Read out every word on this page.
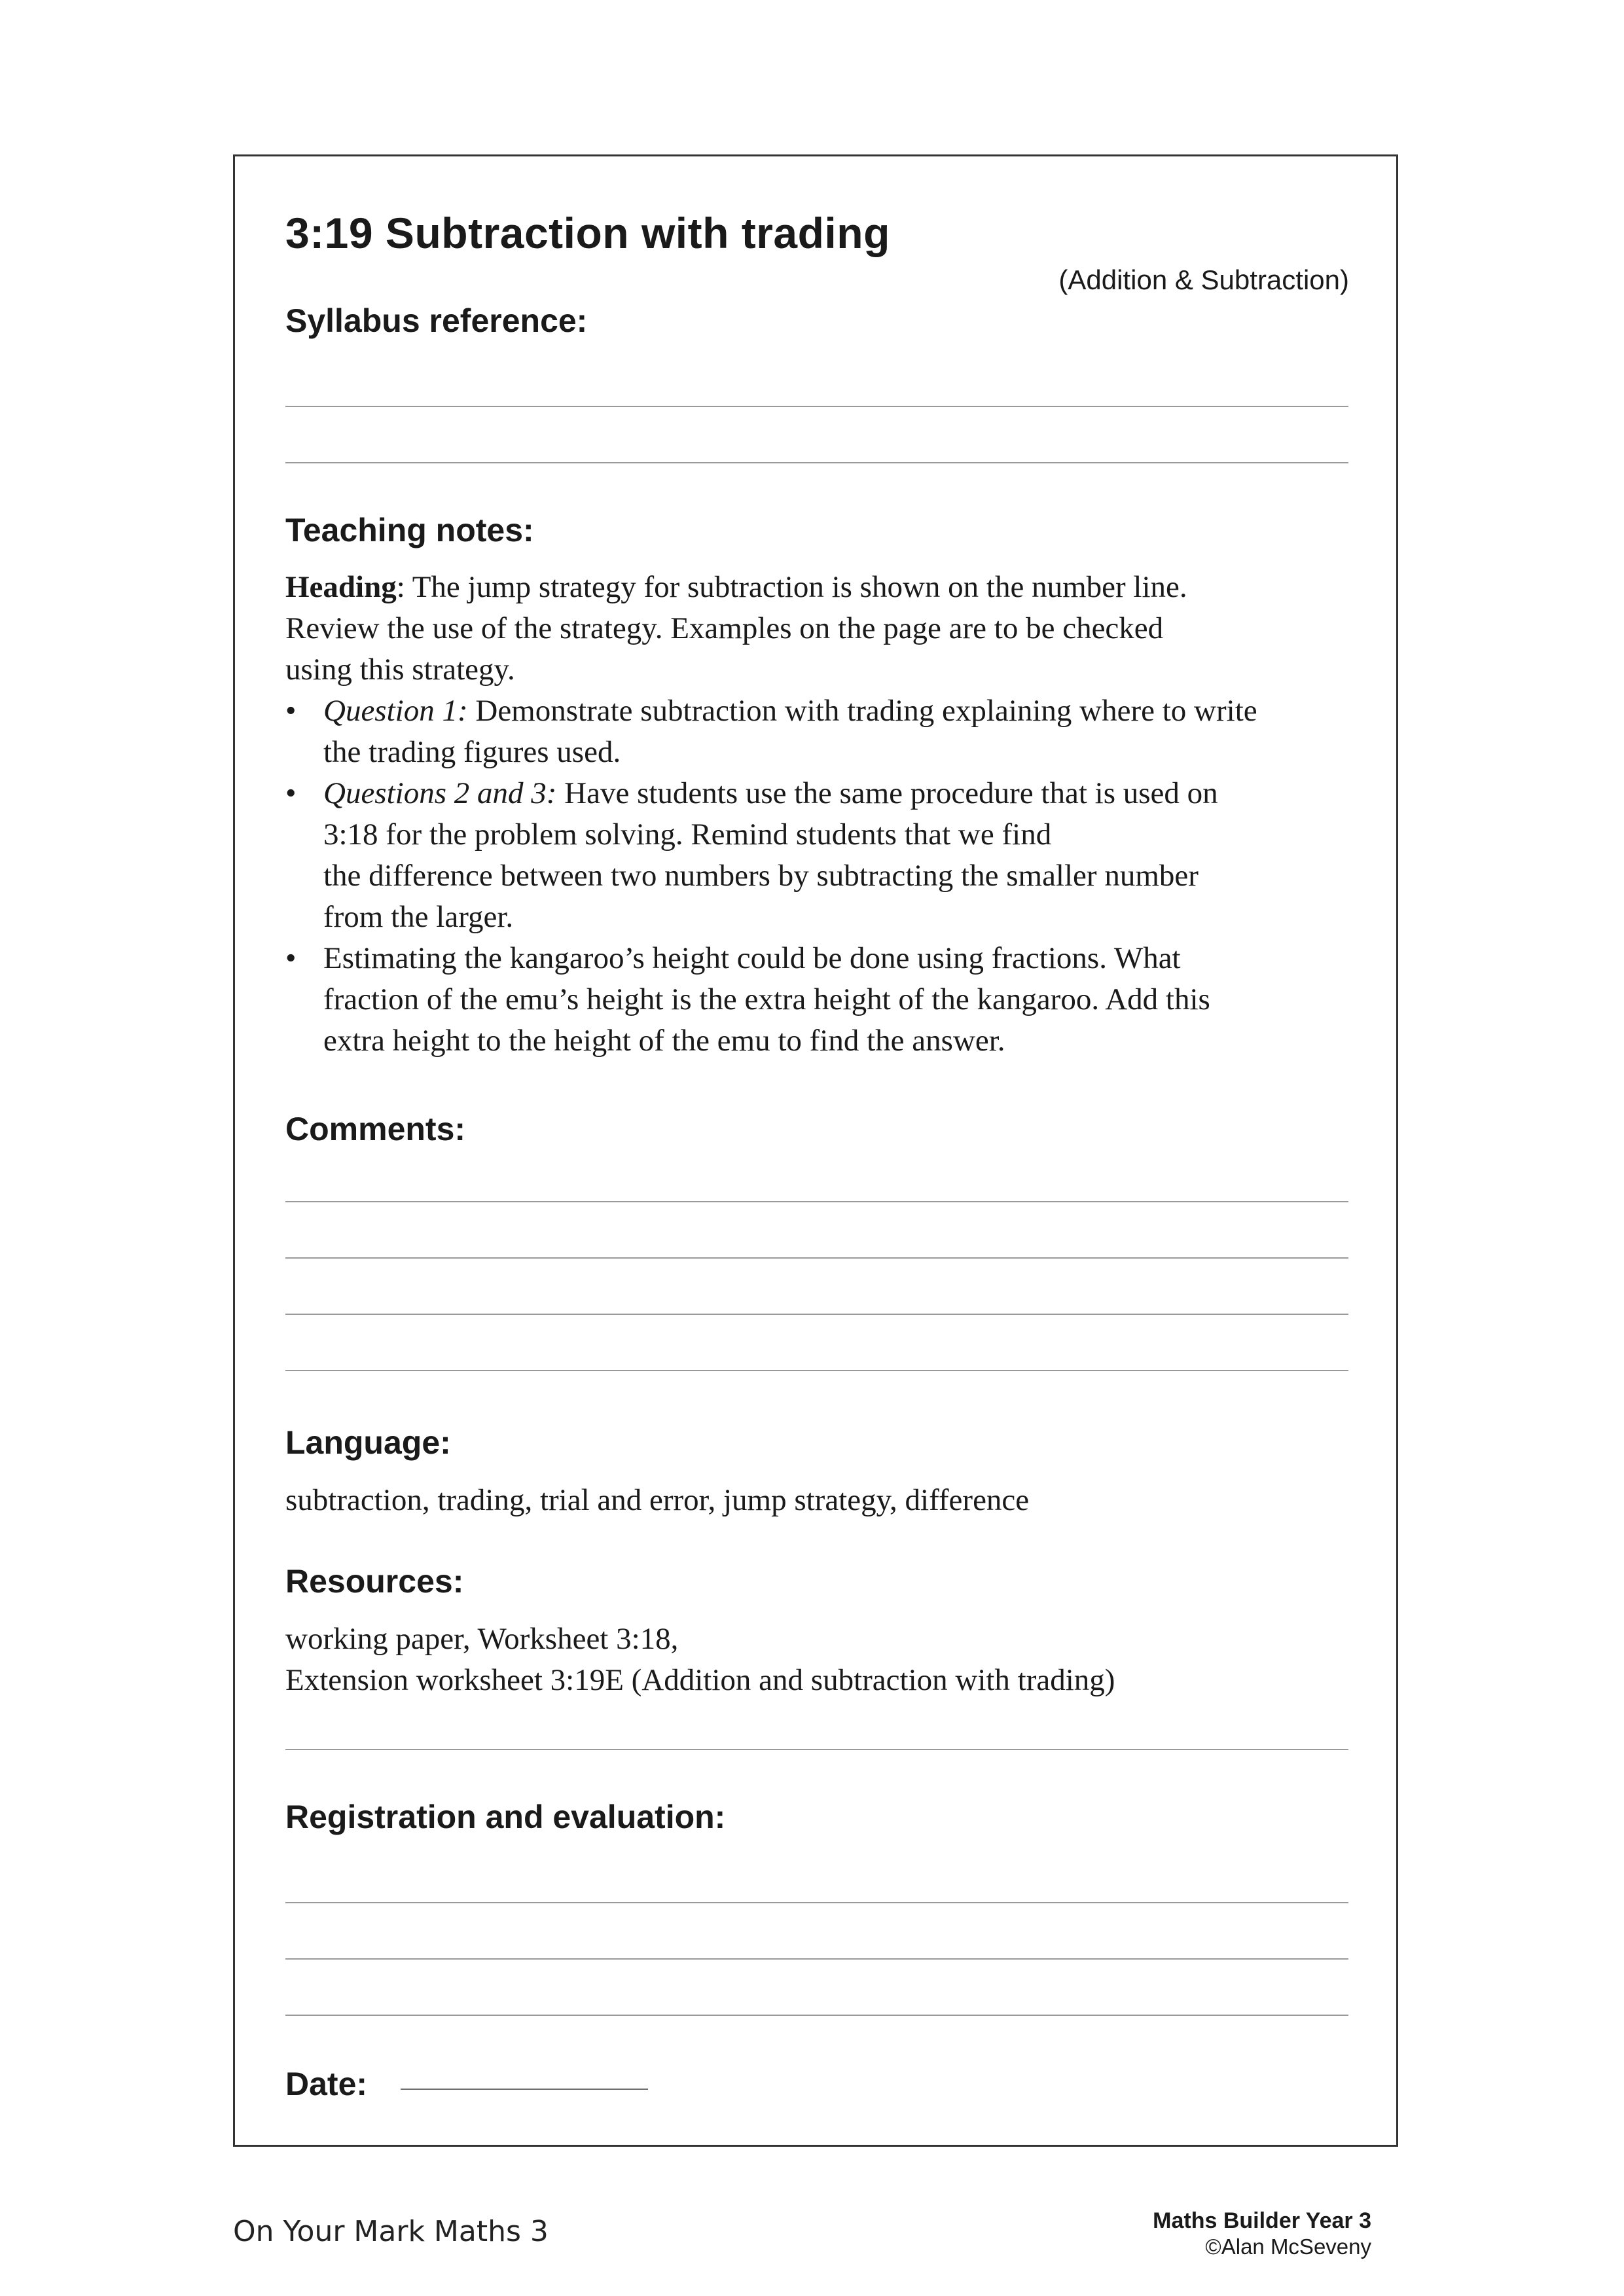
3:19 Subtraction with trading
(Addition & Subtraction)
Syllabus reference:
Teaching notes:

Heading: The jump strategy for subtraction is shown on the number line.

Review the use of the strategy. Examples on the page are to be checked

using this strategy.

• Question 1: Demonstrate subtraction with trading explaining where to write
the trading figures used.
• Questions 2 and 3: Have students use the same procedure that is used on
3:18 for the problem solving. Remind students that we find
the difference between two numbers by subtracting the smaller number
from the larger.
• Estimating the kangaroo’s height could be done using fractions. What
fraction of the emu’s height is the extra height of the kangaroo. Add this
extra height to the height of the emu to find the answer.
Comments:
Language:
subtraction, trading, trial and error, jump strategy, difference
Resources:

working paper, Worksheet 3:18,

Extension worksheet 3:19E (Addition and subtraction with trading)

Registration and evaluation:
Date:
On Your Mark Maths 3	Maths Builder Year 3
©Alan McSeveny
